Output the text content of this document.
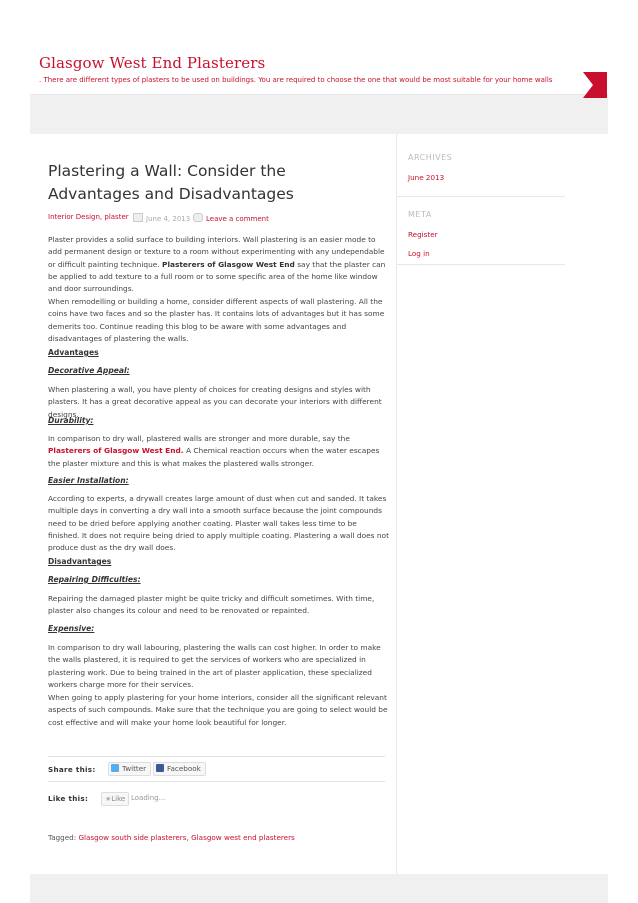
Glasgow West End Plasterers
. There are different types of plasters to be used on buildings. You are required to choose the one that would be most suitable for your home walls
ARCHIVES
June 2013
META
Register
Log in
Plastering a Wall: Consider the Advantages and Disadvantages
Interior Design, plaster	June 4, 2013	Leave a comment
Plaster provides a solid surface to building interiors. Wall plastering is an easier mode to add permanent design or texture to a room without experimenting with any undependable or difficult painting technique. Plasterers of Glasgow West End say that the plaster can be applied to add texture to a full room or to some specific area of the home like window and door surroundings.
When remodelling or building a home, consider different aspects of wall plastering. All the coins have two faces and so the plaster has. It contains lots of advantages but it has some demerits too. Continue reading this blog to be aware with some advantages and disadvantages of plastering the walls.
Advantages
Decorative Appeal:
When plastering a wall, you have plenty of choices for creating designs and styles with plasters. It has a great decorative appeal as you can decorate your interiors with different designs.
Durability:
In comparison to dry wall, plastered walls are stronger and more durable, say the Plasterers of Glasgow West End. A Chemical reaction occurs when the water escapes the plaster mixture and this is what makes the plastered walls stronger.
Easier Installation:
According to experts, a drywall creates large amount of dust when cut and sanded. It takes multiple days in converting a dry wall into a smooth surface because the joint compounds need to be dried before applying another coating. Plaster wall takes less time to be finished. It does not require being dried to apply multiple coating. Plastering a wall does not produce dust as the dry wall does.
Disadvantages
Repairing Difficulties:
Repairing the damaged plaster might be quite tricky and difficult sometimes. With time, plaster also changes its colour and need to be renovated or repainted.
Expensive:
In comparison to dry wall labouring, plastering the walls can cost higher. In order to make the walls plastered, it is required to get the services of workers who are specialized in plastering work. Due to being trained in the art of plaster application, these specialized workers charge more for their services.
When going to apply plastering for your home interiors, consider all the significant relevant aspects of such compounds. Make sure that the technique you are going to select would be cost effective and will make your home look beautiful for longer.
Share this:	Twitter	Facebook
Like this:	★Like Loading...
Tagged: Glasgow south side plasterers, Glasgow west end plasterers
